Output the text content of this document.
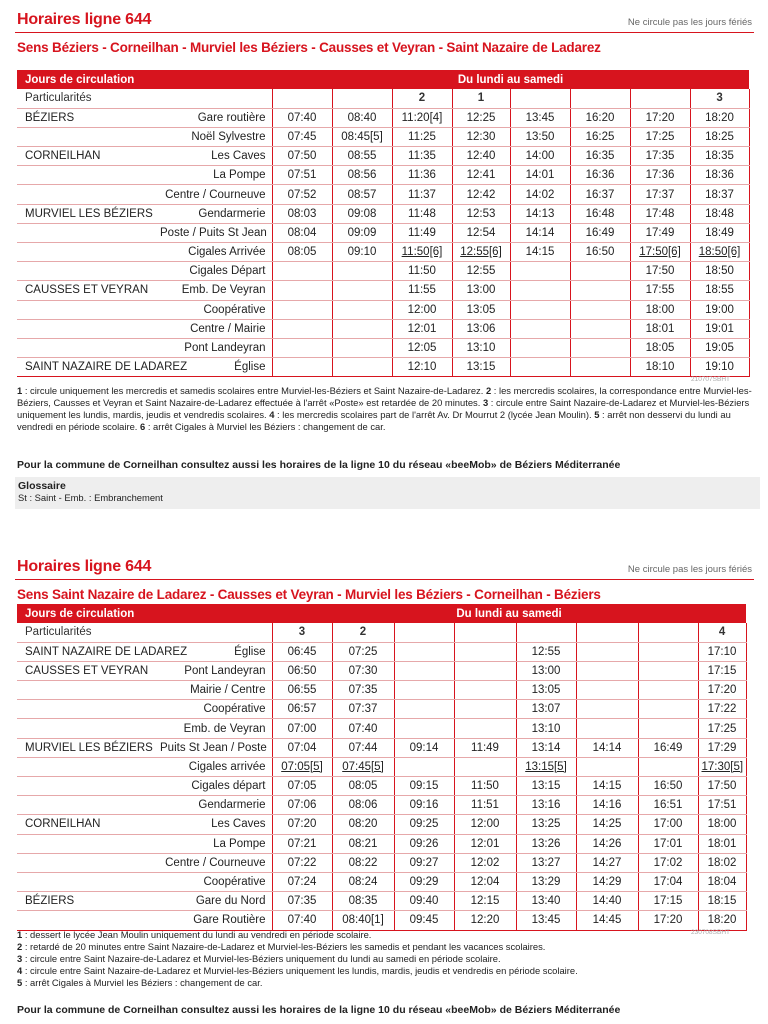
Horaires ligne 644	Ne circule pas les jours fériés
Sens Béziers - Corneilhan - Murviel les Béziers - Causses et Veyran - Saint Nazaire de Ladarez
Jours de circulation		Du lundi au samedi							
Particularités				2	1				3
BÉZIERS	Gare routière	07:40	08:40	11:20[4]	12:25	13:45	16:20	17:20	18:20
	Noël Sylvestre	07:45	08:45[5]	11:25	12:30	13:50	16:25	17:25	18:25
CORNEILHAN	Les Caves	07:50	08:55	11:35	12:40	14:00	16:35	17:35	18:35
	La Pompe	07:51	08:56	11:36	12:41	14:01	16:36	17:36	18:36
	Centre / Courneuve	07:52	08:57	11:37	12:42	14:02	16:37	17:37	18:37
MURVIEL LES BÉZIERS	Gendarmerie	08:03	09:08	11:48	12:53	14:13	16:48	17:48	18:48
	Poste / Puits St Jean	08:04	09:09	11:49	12:54	14:14	16:49	17:49	18:49
	Cigales Arrivée	08:05	09:10	11:50[6]	12:55[6]	14:15	16:50	17:50[6]	18:50[6]
	Cigales Départ			11:50	12:55			17:50	18:50
CAUSSES ET VEYRAN	Emb. De Veyran			11:55	13:00			17:55	18:55
	Coopérative			12:00	13:05			18:00	19:00
	Centre / Mairie			12:01	13:06			18:01	19:01
	Pont Landeyran			12:05	13:10			18:05	19:05
SAINT NAZAIRE DE LADAREZ	Église			12:10	13:15			18:10	19:10
210707SBHT
1 : circule uniquement les mercredis et samedis scolaires entre Murviel-les-Béziers et Saint Nazaire-de-Ladarez. 2 : les mercredis scolaires, la correspondance entre Murviel-les-Béziers, Causses et Veyran et Saint Nazaire-de-Ladarez effectuée à l'arrêt «Poste» est retardée de 20 minutes. 3 : circule entre Saint Nazaire-de-Ladarez et Murviel-les-Béziers uniquement les lundis, mardis, jeudis et vendredis scolaires. 4 : les mercredis scolaires part de l'arrêt Av. Dr Mourrut 2 (lycée Jean Moulin). 5 : arrêt non desservi du lundi au vendredi en période scolaire. 6 : arrêt Cigales à Murviel les Béziers : changement de car.
Pour la commune de Corneilhan consultez aussi les horaires de la ligne 10 du réseau «beeMob» de Béziers Méditerranée
Glossaire
St : Saint - Emb. : Embranchement
Horaires ligne 644	Ne circule pas les jours fériés
Sens Saint Nazaire de Ladarez - Causses et Veyran - Murviel les Béziers - Corneilhan - Béziers
Jours de circulation		Du lundi au samedi							
Particularités		3	2						4
SAINT NAZAIRE DE LADAREZ	Église	06:45	07:25			12:55			17:10
CAUSSES ET VEYRAN	Pont Landeyran	06:50	07:30			13:00			17:15
	Mairie / Centre	06:55	07:35			13:05			17:20
	Coopérative	06:57	07:37			13:07			17:22
	Emb. de Veyran	07:00	07:40			13:10			17:25
MURVIEL LES BÉZIERS	Puits St Jean / Poste	07:04	07:44	09:14	11:49	13:14	14:14	16:49	17:29
	Cigales arrivée	07:05[5]	07:45[5]			13:15[5]			17:30[5]
	Cigales départ	07:05	08:05	09:15	11:50	13:15	14:15	16:50	17:50
	Gendarmerie	07:06	08:06	09:16	11:51	13:16	14:16	16:51	17:51
CORNEILHAN	Les Caves	07:20	08:20	09:25	12:00	13:25	14:25	17:00	18:00
	La Pompe	07:21	08:21	09:26	12:01	13:26	14:26	17:01	18:01
	Centre / Courneuve	07:22	08:22	09:27	12:02	13:27	14:27	17:02	18:02
	Coopérative	07:24	08:24	09:29	12:04	13:29	14:29	17:04	18:04
BÉZIERS	Gare du Nord	07:35	08:35	09:40	12:15	13:40	14:40	17:15	18:15
	Gare Routière	07:40	08:40[1]	09:45	12:20	13:45	14:45	17:20	18:20
230708SBHT
1 : dessert le lycée Jean Moulin uniquement du lundi au vendredi en période scolaire.
2 : retardé de 20 minutes entre Saint Nazaire-de-Ladarez et Murviel-les-Béziers les samedis et pendant les vacances scolaires.
3 : circule entre Saint Nazaire-de-Ladarez et Murviel-les-Béziers uniquement du lundi au samedi en période scolaire.
4 : circule entre Saint Nazaire-de-Ladarez et Murviel-les-Béziers uniquement les lundis, mardis, jeudis et vendredis en période scolaire.
5 : arrêt Cigales à Murviel les Béziers : changement de car.

Pour la commune de Corneilhan consultez aussi les horaires de la ligne 10 du réseau «beeMob» de Béziers Méditerranée
